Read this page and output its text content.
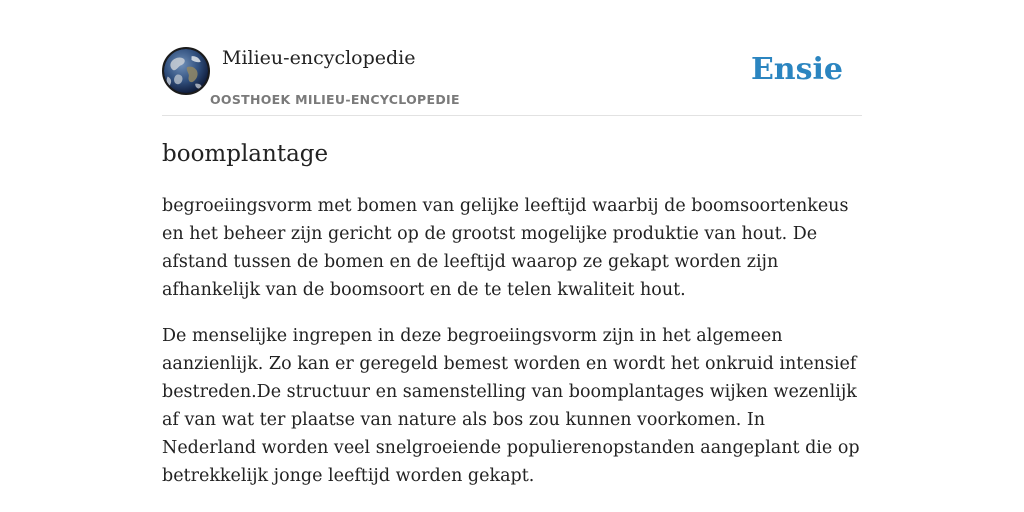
Milieu-encyclopedie
OOSTHOEK MILIEU-ENCYCLOPEDIE
Ensie
boomplantage

begroeiingsvorm met bomen van gelijke leeftijd waarbij de boomsoortenkeus en het beheer zijn gericht op de grootst mogelijke produktie van hout. De afstand tussen de bomen en de leeftijd waarop ze gekapt worden zijn afhankelijk van de boomsoort en de te telen kwaliteit hout.

De menselijke ingrepen in deze begroeiingsvorm zijn in het algemeen aanzienlijk. Zo kan er geregeld bemest worden en wordt het onkruid intensief bestreden.De structuur en samenstelling van boomplantages wijken wezenlijk af van wat ter plaatse van nature als bos zou kunnen voorkomen. In Nederland worden veel snelgroeiende populierenopstanden aangeplant die op betrekkelijk jonge leeftijd worden gekapt.
